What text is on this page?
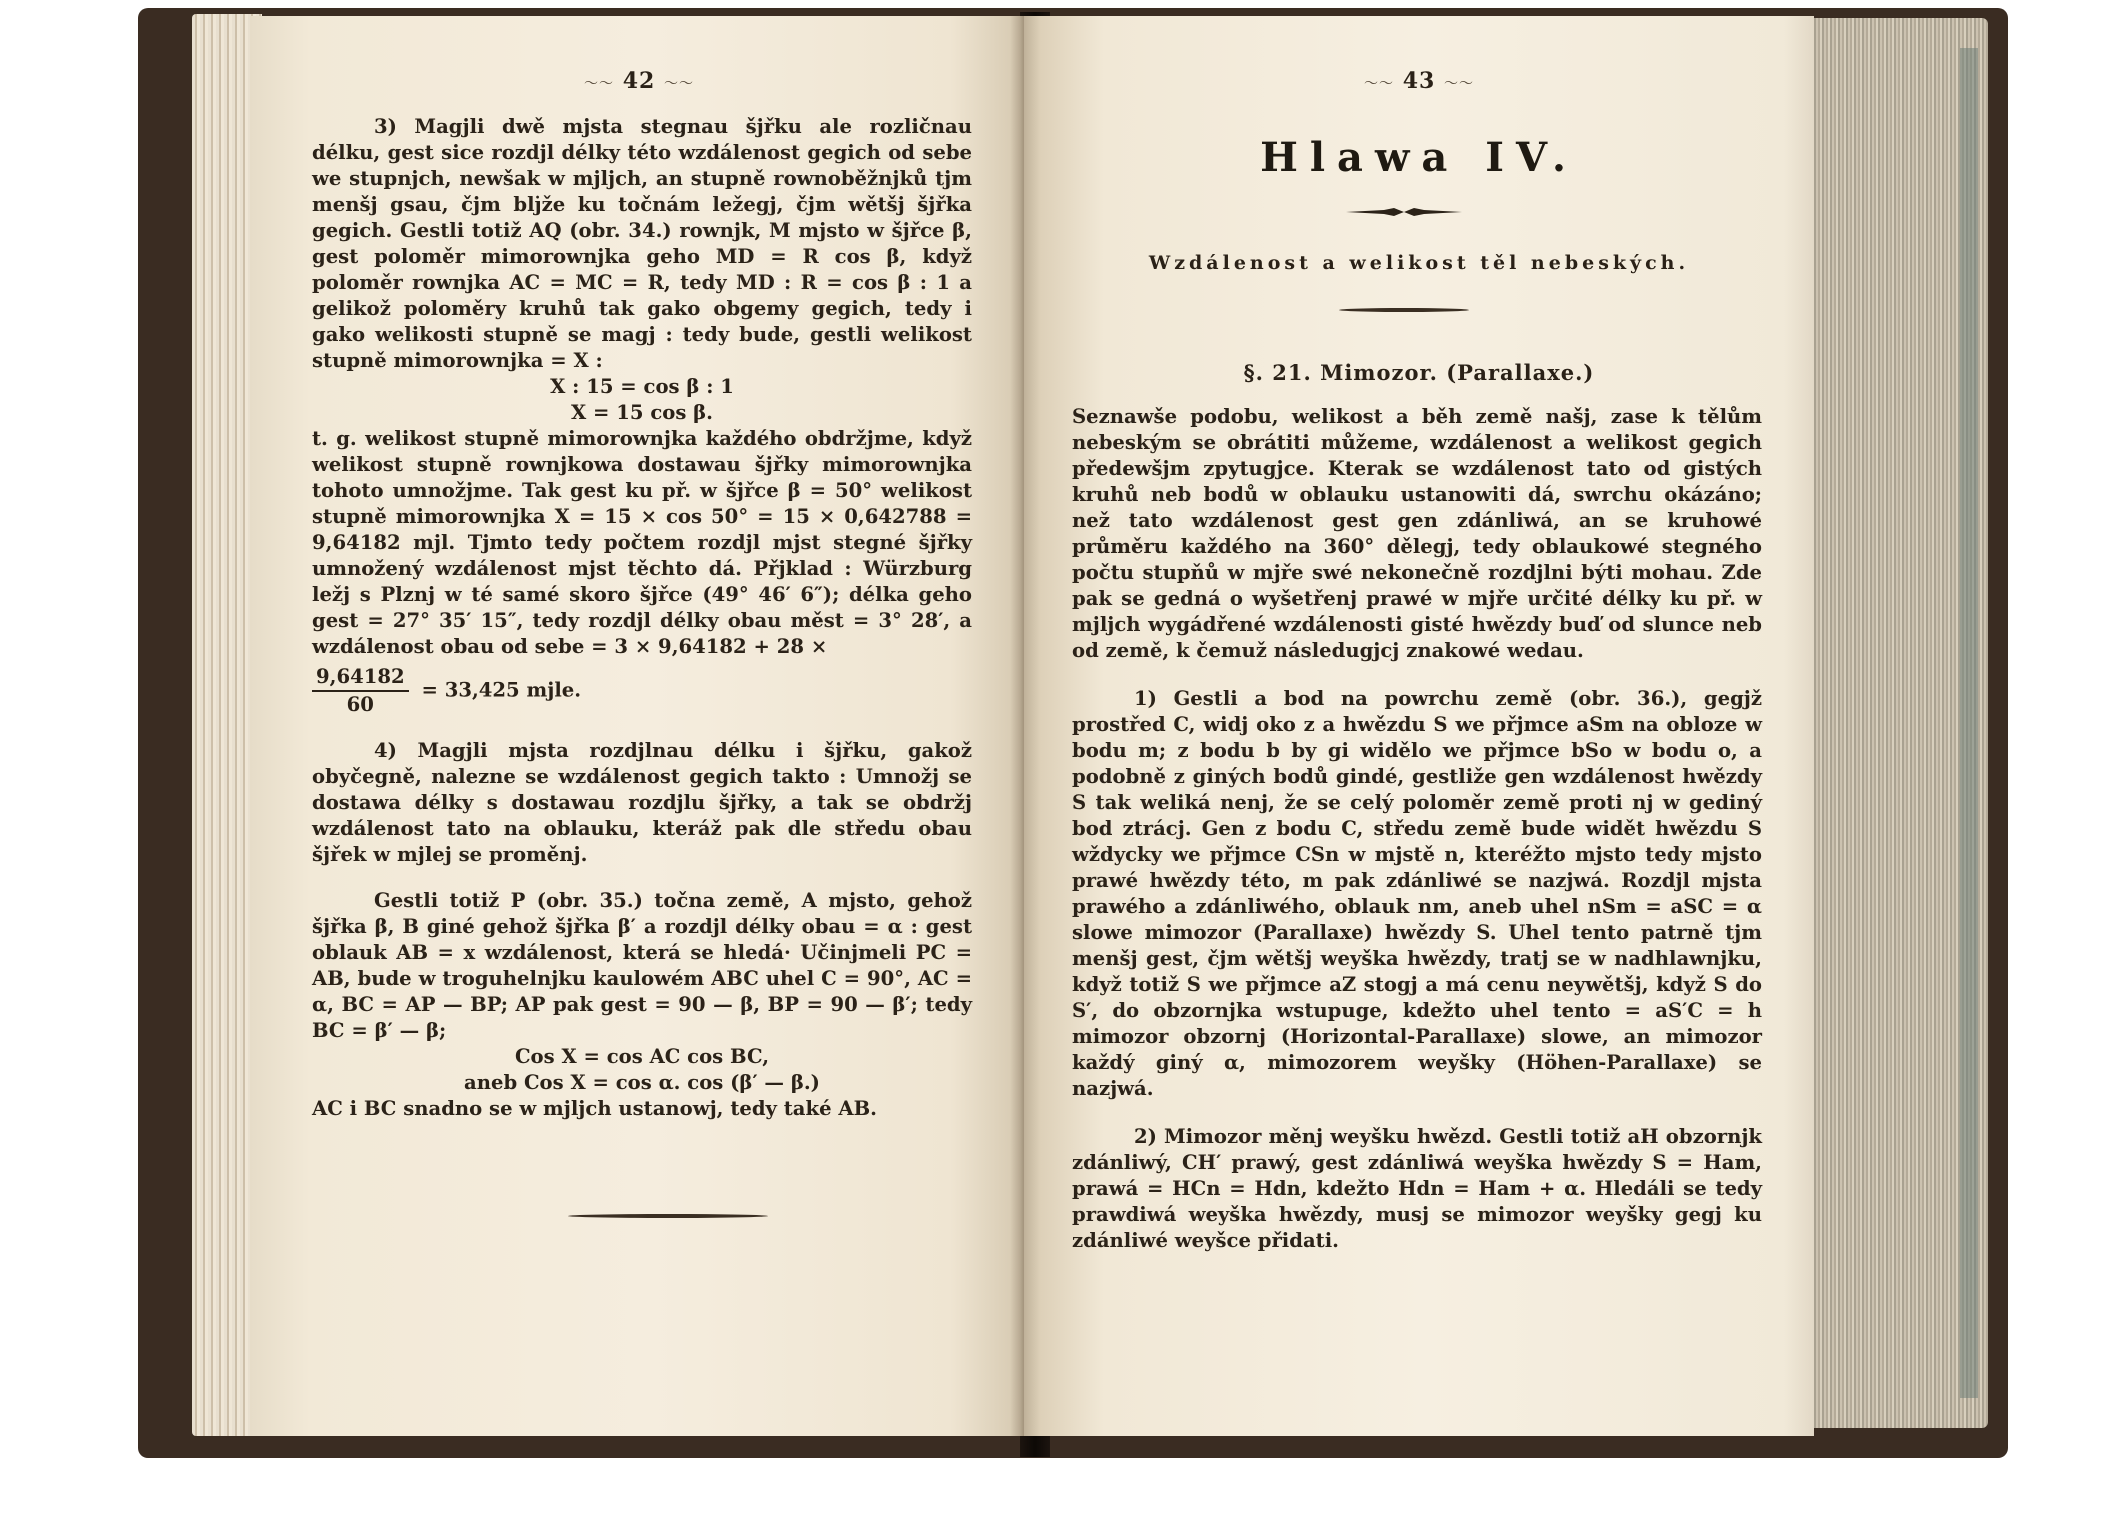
～～ 42 ～～

3) Magjli dwě mjsta stegnau šjřku ale rozličnau délku, gest sice rozdjl délky této wzdálenost gegich od sebe we stupnjch, newšak w mjljch, an stupně rownoběžnjků tjm menšj gsau, čjm blj̇že ku točnám ležegj, čjm wětšj šjřka gegich. Gestli totiž AQ (obr. 34.) rownjk, M mjsto w šjřce β, gest poloměr mimorownjka geho MD = R cos β, když poloměr rownjka AC = MC = R, tedy MD : R = cos β : 1 a gelikož poloměry kruhů tak gako obgemy gegich, tedy i gako welikosti stupně se magj : tedy bude, gestli welikost stupně mimorownjka = X :

X : 15 = cos β : 1

X = 15 cos β.

t. g. welikost stupně mimorownjka každého obdržjme, když welikost stupně rownjkowa dostawau šjřky mimorownjka tohoto umnožjme. Tak gest ku př. w šjřce β = 50° welikost stupně mimorownjka X = 15 × cos 50° = 15 × 0,642788 = 9,64182 mjl. Tjmto tedy počtem rozdjl mjst stegné šjřky umnožený wzdálenost mjst těchto dá. Přjklad : Würzburg ležj s Plznj w té samé skoro šjřce (49° 46′ 6″); délka geho gest = 27° 35′ 15″, tedy rozdjl délky obau měst = 3° 28′, a wzdálenost obau od sebe = 3 × 9,64182 + 28 ×

$\frac{9,64182}{60} = 33,425$ mjle.

4) Magjli mjsta rozdjlnau délku i šjřku, gakož obyčegně, nalezne se wzdálenost gegich takto : Umnožj se dostawa délky s dostawau rozdjlu šjřky, a tak se obdržj wzdálenost tato na oblauku, kteráž pak dle středu obau šjřek w mjlej se proměnj.

Gestli totiž P (obr. 35.) točna země, A mjsto, gehož šjřka β, B giné gehož šjřka β′ a rozdjl délky obau = α : gest oblauk AB = x wzdálenost, která se hledá· Učinjmeli PC = AB, bude w troguhelnjku kaulowém ABC uhel C = 90°, AC = α, BC = AP — BP; AP pak gest = 90 — β, BP = 90 — β′; tedy BC = β′ — β;

Cos X = cos AC cos BC,

aneb Cos X = cos α. cos (β′ — β.)

AC i BC snadno se w mjljch ustanowj, tedy také AB.

～～ 43 ～～
Hlawa IV.
Wzdálenost a welikost těl nebeských.
§. 21. Mimozor. (Parallaxe.)

Seznawše podobu, welikost a běh země našj, zase k tělům nebeským se obrátiti můžeme, wzdálenost a welikost gegich předewšjm zpytugjce. Kterak se wzdálenost tato od gistých kruhů neb bodů w oblauku ustanowiti dá, swrchu okázáno; než tato wzdálenost gest gen zdánliwá, an se kruhowé průměru každého na 360° dělegj, tedy oblaukowé stegného počtu stupňů w mjře swé nekonečně rozdjlni býti mohau. Zde pak se gedná o wyšetřenj prawé w mjře určité délky ku př. w mjljch wygádřené wzdálenosti gisté hwězdy buď od slunce neb od země, k čemuž následugjcj znakowé wedau.

1) Gestli a bod na powrchu země (obr. 36.), gegjž prostřed C, widj oko z a hwězdu S we přjmce aSm na obloze w bodu m; z bodu b by gi widělo we přjmce bSo w bodu o, a podobně z giných bodů gindé, gestliže gen wzdálenost hwězdy S tak weliká nenj, že se celý poloměr země proti nj w gediný bod ztrácj. Gen z bodu C, středu země bude widět hwězdu S wždycky we přjmce CSn w mjstě n, kteréžto mjsto tedy mjsto prawé hwězdy této, m pak zdánliwé se nazjwá. Rozdjl mjsta prawého a zdánliwého, oblauk nm, aneb uhel nSm = aSC = α slowe mimozor (Parallaxe) hwězdy S. Uhel tento patrně tjm menšj gest, čjm wětšj weyška hwězdy, tratj se w nadhlawnjku, když totiž S we přjmce aZ stogj a má cenu neywětšj, když S do S′, do obzornjka wstupuge, kdežto uhel tento = aS′C = h mimozor obzornj (Horizontal-Parallaxe) slowe, an mimozor každý giný α, mimozorem weyšky (Höhen-Parallaxe) se nazjwá.

2) Mimozor měnj weyšku hwězd. Gestli totiž aH obzornjk zdánliwý, CH′ prawý, gest zdánliwá weyška hwězdy S = Ham, prawá = HCn = Hdn, kdežto Hdn = Ham + α. Hledáli se tedy prawdiwá weyška hwězdy, musj se mimozor weyšky gegj ku zdánliwé weyšce přidati.
